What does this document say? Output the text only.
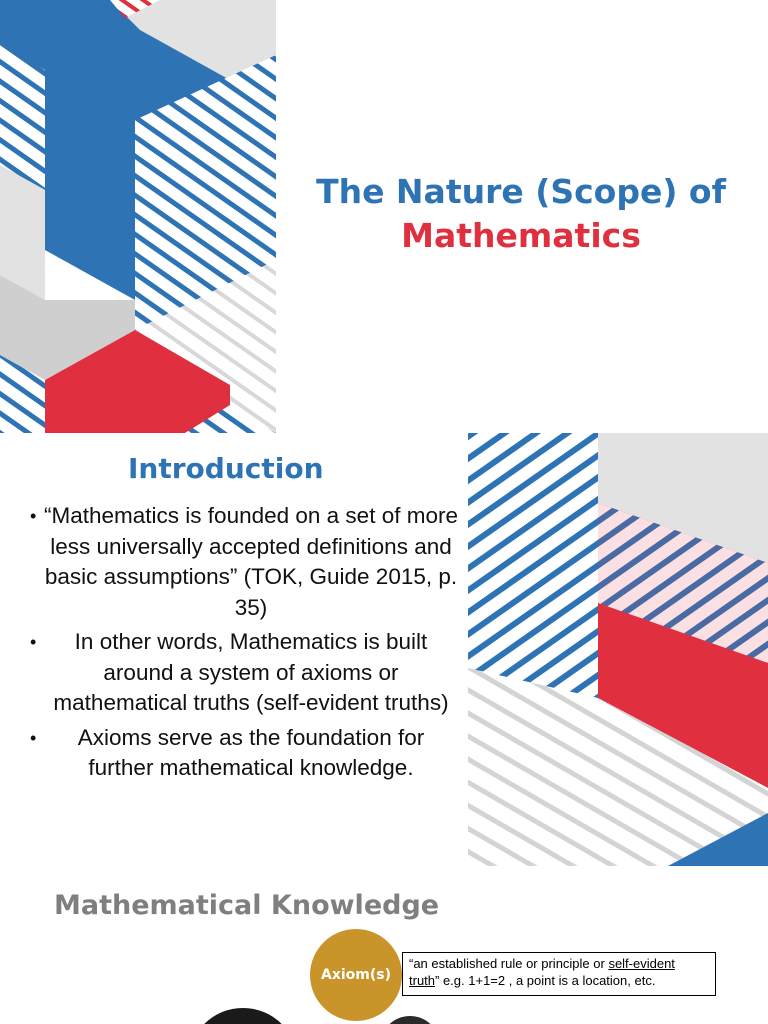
The Nature (Scope) of
Mathematics
Introduction
• “Mathematics is founded on a set of more less universally accepted definitions and basic assumptions” (TOK, Guide 2015, p. 35)
• In other words, Mathematics is built around a system of axioms or mathematical truths (self-evident truths)
• Axioms serve as the foundation for further mathematical knowledge.
Mathematical Knowledge
Axiom(s)
“an established rule or principle or self-evident
truth” e.g. 1+1=2 , a point is a location, etc.
